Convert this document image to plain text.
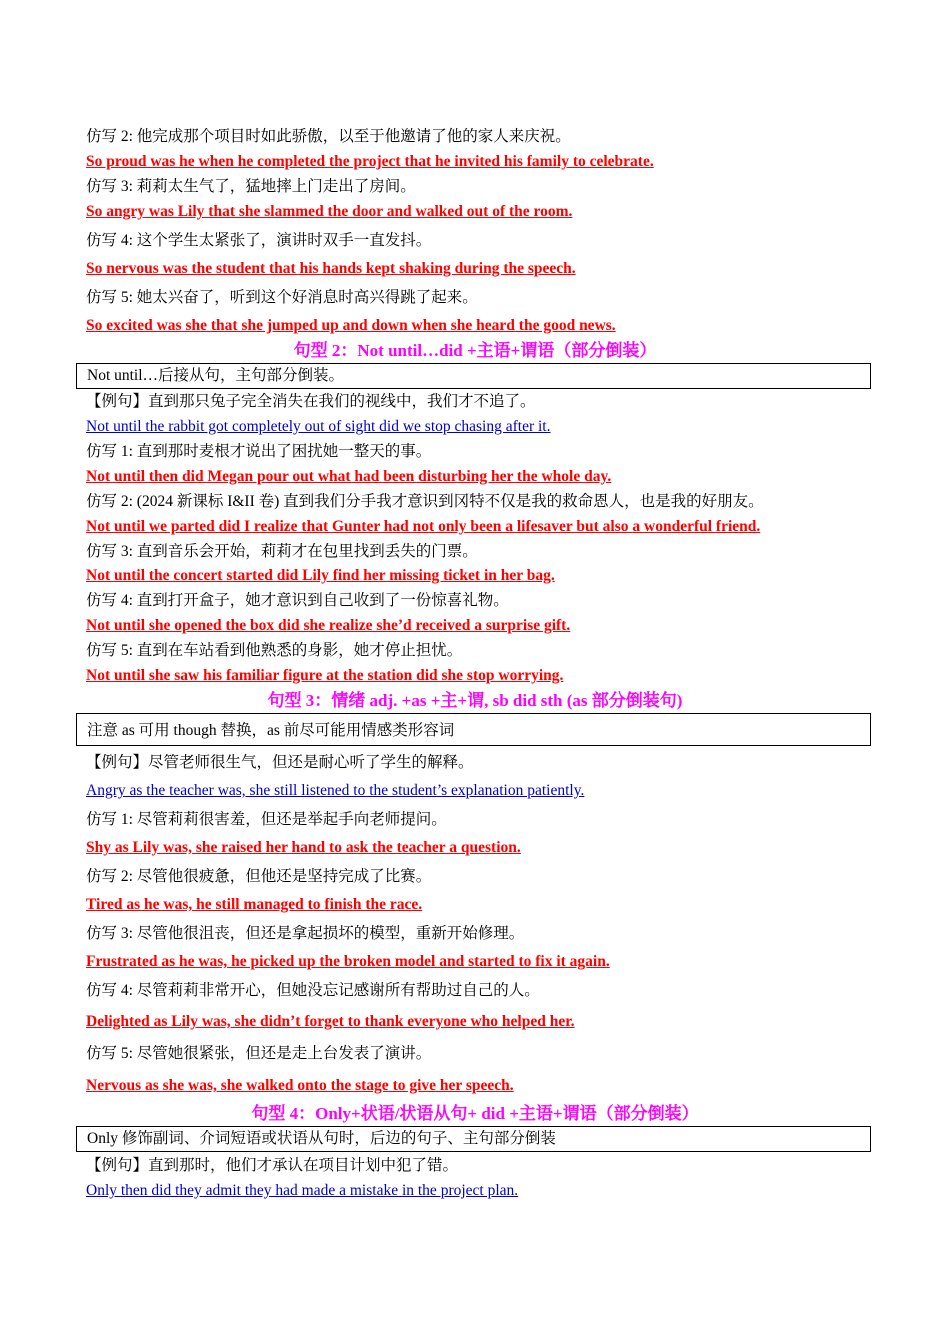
仿写 2: 他完成那个项目时如此骄傲，以至于他邀请了他的家人来庆祝。
So proud was he when he completed the project that he invited his family to celebrate.
仿写 3: 莉莉太生气了，猛地摔上门走出了房间。
So angry was Lily that she slammed the door and walked out of the room.
仿写 4: 这个学生太紧张了，演讲时双手一直发抖。
So nervous was the student that his hands kept shaking during the speech.
仿写 5: 她太兴奋了，听到这个好消息时高兴得跳了起来。
So excited was she that she jumped up and down when she heard the good news.
句型 2：Not until…did +主语+谓语（部分倒装）
Not until…后接从句，主句部分倒装。
【例句】直到那只兔子完全消失在我们的视线中，我们才不追了。
Not until the rabbit got completely out of sight did we stop chasing after it.
仿写 1: 直到那时麦根才说出了困扰她一整天的事。
Not until then did Megan pour out what had been disturbing her the whole day.
仿写 2: (2024 新课标 I&II 卷) 直到我们分手我才意识到冈特不仅是我的救命恩人，也是我的好朋友。
Not until we parted did I realize that Gunter had not only been a lifesaver but also a wonderful friend.
仿写 3: 直到音乐会开始，莉莉才在包里找到丢失的门票。
Not until the concert started did Lily find her missing ticket in her bag.
仿写 4: 直到打开盒子，她才意识到自己收到了一份惊喜礼物。
Not until she opened the box did she realize she’d received a surprise gift.
仿写 5: 直到在车站看到他熟悉的身影，她才停止担忧。
Not until she saw his familiar figure at the station did she stop worrying.
句型 3：情绪 adj. +as +主+谓, sb did sth (as 部分倒装句)
注意 as 可用 though 替换，as 前尽可能用情感类形容词
【例句】尽管老师很生气，但还是耐心听了学生的解释。
Angry as the teacher was, she still listened to the student’s explanation patiently.
仿写 1: 尽管莉莉很害羞，但还是举起手向老师提问。
Shy as Lily was, she raised her hand to ask the teacher a question.
仿写 2: 尽管他很疲惫，但他还是坚持完成了比赛。
Tired as he was, he still managed to finish the race.
仿写 3: 尽管他很沮丧，但还是拿起损坏的模型，重新开始修理。
Frustrated as he was, he picked up the broken model and started to fix it again.
仿写 4: 尽管莉莉非常开心，但她没忘记感谢所有帮助过自己的人。
Delighted as Lily was, she didn’t forget to thank everyone who helped her.
仿写 5: 尽管她很紧张，但还是走上台发表了演讲。
Nervous as she was, she walked onto the stage to give her speech.
句型 4：Only+状语/状语从句+ did +主语+谓语（部分倒装）
Only 修饰副词、介词短语或状语从句时，后边的句子、主句部分倒装
【例句】直到那时，他们才承认在项目计划中犯了错。
Only then did they admit they had made a mistake in the project plan.
